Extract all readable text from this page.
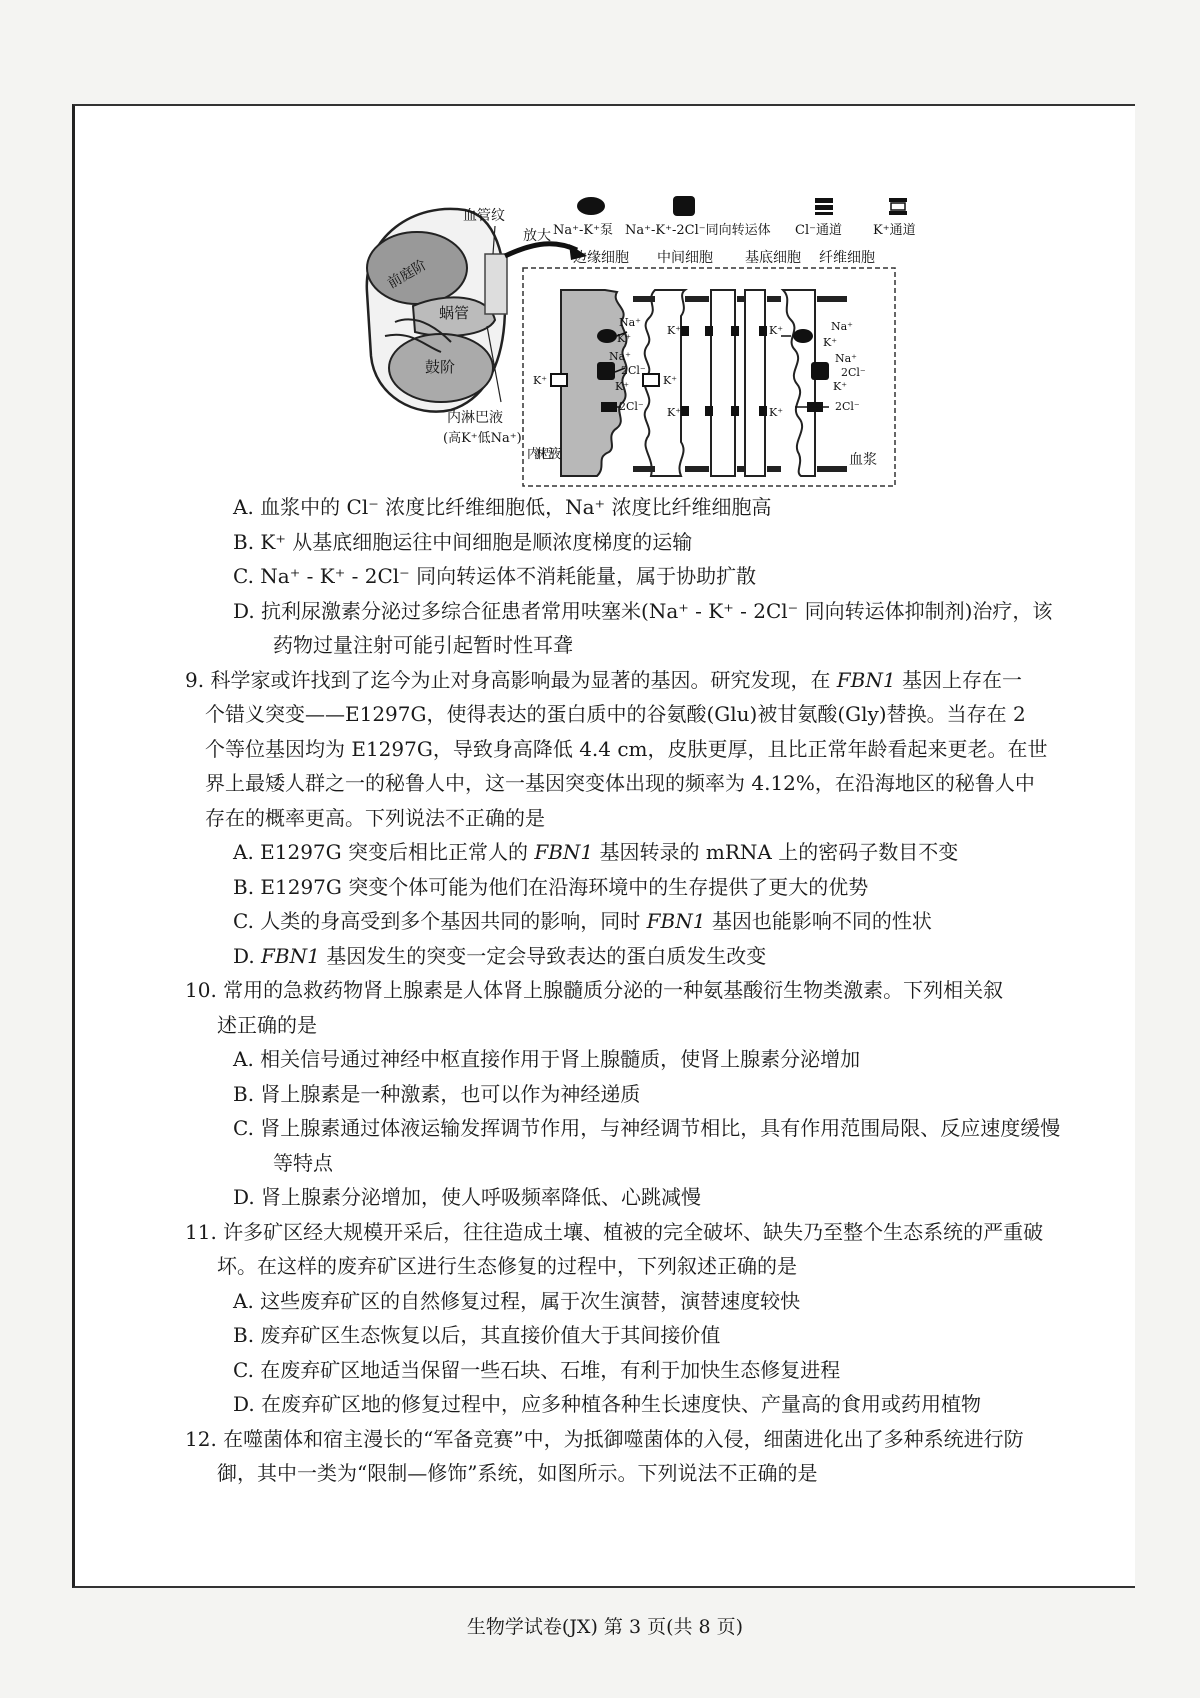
Na⁺-K⁺泵 Na⁺-K⁺-2Cl⁻同向转运体 Cl⁻通道 K⁺通道
血管纹
前庭阶
蜗管
鼓阶
内淋巴液
(高K⁺低Na⁺)
放大
边缘细胞 中间细胞 基底细胞 纤维细胞
Na⁺
K⁺
Na⁺
2Cl⁻
K⁺
2Cl⁻
K⁺	K⁺
K⁺	K⁺
K⁺	K⁺
Na⁺
K⁺
Na⁺
2Cl⁻
K⁺
2Cl⁻
内淋巴液	血浆
A. 血浆中的 Cl⁻ 浓度比纤维细胞低，Na⁺ 浓度比纤维细胞高
B. K⁺ 从基底细胞运往中间细胞是顺浓度梯度的运输
C. Na⁺ - K⁺ - 2Cl⁻ 同向转运体不消耗能量，属于协助扩散
D. 抗利尿激素分泌过多综合征患者常用呋塞米(Na⁺ - K⁺ - 2Cl⁻ 同向转运体抑制剂)治疗，该
药物过量注射可能引起暂时性耳聋
9. 科学家或许找到了迄今为止对身高影响最为显著的基因。研究发现，在 FBN1 基因上存在一
个错义突变——E1297G，使得表达的蛋白质中的谷氨酸(Glu)被甘氨酸(Gly)替换。当存在 2
个等位基因均为 E1297G，导致身高降低 4.4 cm，皮肤更厚，且比正常年龄看起来更老。在世
界上最矮人群之一的秘鲁人中，这一基因突变体出现的频率为 4.12%，在沿海地区的秘鲁人中
存在的概率更高。下列说法不正确的是
A. E1297G 突变后相比正常人的 FBN1 基因转录的 mRNA 上的密码子数目不变
B. E1297G 突变个体可能为他们在沿海环境中的生存提供了更大的优势
C. 人类的身高受到多个基因共同的影响，同时 FBN1 基因也能影响不同的性状
D. FBN1 基因发生的突变一定会导致表达的蛋白质发生改变
10. 常用的急救药物肾上腺素是人体肾上腺髓质分泌的一种氨基酸衍生物类激素。下列相关叙
述正确的是
A. 相关信号通过神经中枢直接作用于肾上腺髓质，使肾上腺素分泌增加
B. 肾上腺素是一种激素，也可以作为神经递质
C. 肾上腺素通过体液运输发挥调节作用，与神经调节相比，具有作用范围局限、反应速度缓慢
等特点
D. 肾上腺素分泌增加，使人呼吸频率降低、心跳减慢
11. 许多矿区经大规模开采后，往往造成土壤、植被的完全破坏、缺失乃至整个生态系统的严重破
坏。在这样的废弃矿区进行生态修复的过程中，下列叙述正确的是
A. 这些废弃矿区的自然修复过程，属于次生演替，演替速度较快
B. 废弃矿区生态恢复以后，其直接价值大于其间接价值
C. 在废弃矿区地适当保留一些石块、石堆，有利于加快生态修复进程
D. 在废弃矿区地的修复过程中，应多种植各种生长速度快、产量高的食用或药用植物
12. 在噬菌体和宿主漫长的“军备竞赛”中，为抵御噬菌体的入侵，细菌进化出了多种系统进行防
御，其中一类为“限制—修饰”系统，如图所示。下列说法不正确的是
生物学试卷(JX) 第 3 页(共 8 页)
